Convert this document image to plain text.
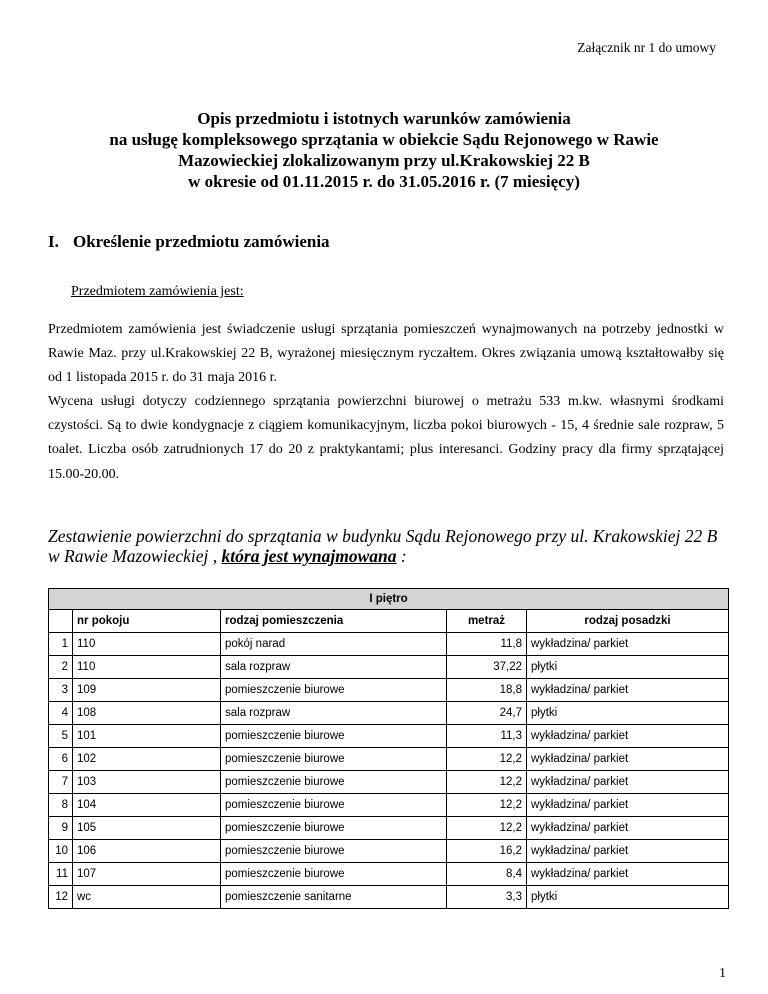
Załącznik nr 1 do umowy
Opis przedmiotu i istotnych warunków zamówienia
na usługę kompleksowego sprzątania w obiekcie Sądu Rejonowego w Rawie
Mazowieckiej zlokalizowanym przy ul.Krakowskiej 22 B
w okresie od 01.11.2015 r. do 31.05.2016 r. (7 miesięcy)
I. Określenie przedmiotu zamówienia
Przedmiotem zamówienia jest:
Przedmiotem zamówienia jest świadczenie usługi sprzątania pomieszczeń wynajmowanych na potrzeby jednostki w Rawie Maz. przy ul.Krakowskiej 22 B, wyrażonej miesięcznym ryczałtem. Okres związania umową kształtowałby się od 1 listopada 2015 r. do 31 maja 2016 r.
Wycena usługi dotyczy codziennego sprzątania powierzchni biurowej o metrażu 533 m.kw. własnymi środkami czystości. Są to dwie kondygnacje z ciągiem komunikacyjnym, liczba pokoi biurowych - 15, 4 średnie sale rozpraw, 5 toalet. Liczba osób zatrudnionych 17 do 20 z praktykantami; plus interesanci. Godziny pracy dla firmy sprzątającej 15.00-20.00.
Zestawienie powierzchni do sprzątania w budynku Sądu Rejonowego przy ul. Krakowskiej 22 B w Rawie Mazowieckiej , która jest wynajmowana :
I piętro				
	nr pokoju	rodzaj pomieszczenia	metraż	rodzaj posadzki
1	110	pokój narad	11,8	wykładzina/ parkiet
2	110	sala rozpraw	37,22	płytki
3	109	pomieszczenie biurowe	18,8	wykładzina/ parkiet
4	108	sala rozpraw	24,7	płytki
5	101	pomieszczenie biurowe	11,3	wykładzina/ parkiet
6	102	pomieszczenie biurowe	12,2	wykładzina/ parkiet
7	103	pomieszczenie biurowe	12,2	wykładzina/ parkiet
8	104	pomieszczenie biurowe	12,2	wykładzina/ parkiet
9	105	pomieszczenie biurowe	12,2	wykładzina/ parkiet
10	106	pomieszczenie biurowe	16,2	wykładzina/ parkiet
11	107	pomieszczenie biurowe	8,4	wykładzina/ parkiet
12	wc	pomieszczenie sanitarne	3,3	płytki
1
